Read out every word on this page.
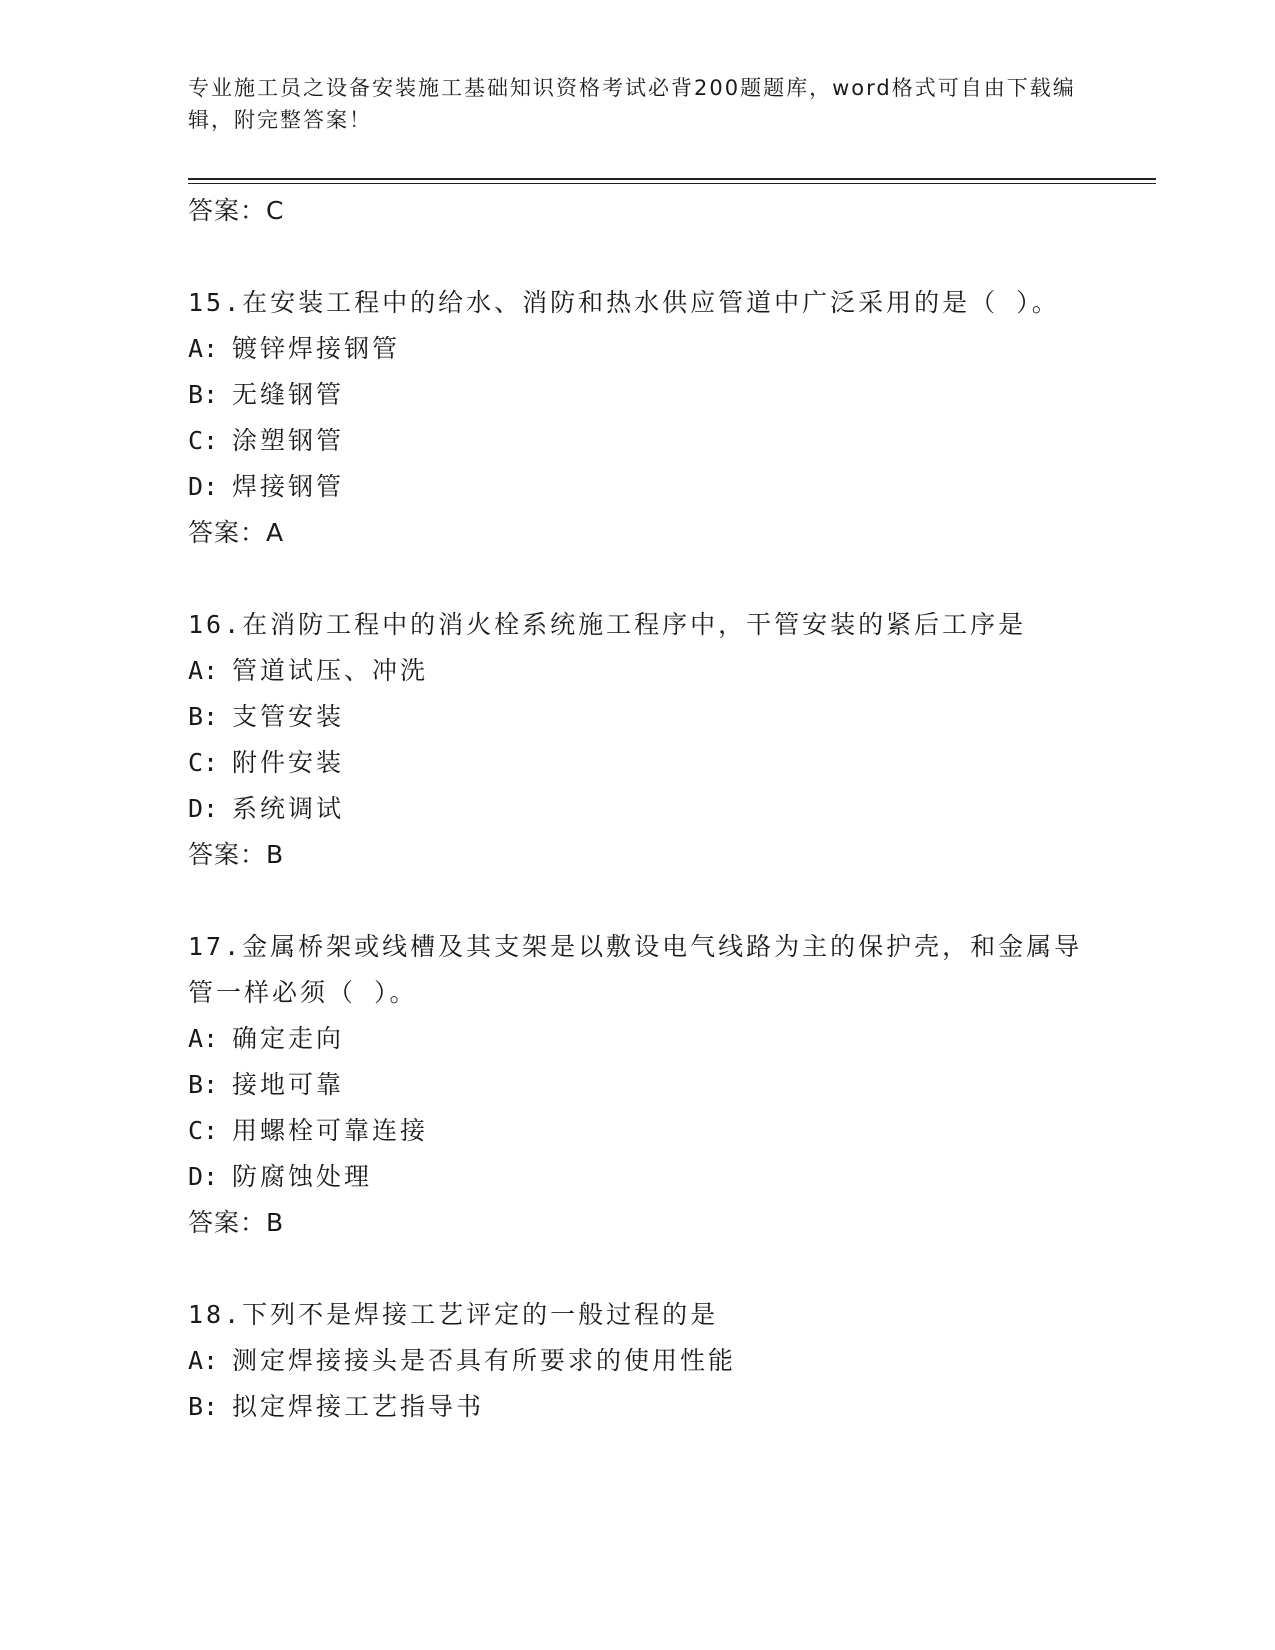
专业施工员之设备安装施工基础知识资格考试必背200题题库，word格式可自由下载编辑，附完整答案！
答案：C
15.在安装工程中的给水、消防和热水供应管道中广泛采用的是（ ）。
A: 镀锌焊接钢管
B: 无缝钢管
C: 涂塑钢管
D: 焊接钢管
答案：A
16.在消防工程中的消火栓系统施工程序中，干管安装的紧后工序是
A: 管道试压、冲洗
B: 支管安装
C: 附件安装
D: 系统调试
答案：B
17.金属桥架或线槽及其支架是以敷设电气线路为主的保护壳，和金属导管一样必须（ ）。
A: 确定走向
B: 接地可靠
C: 用螺栓可靠连接
D: 防腐蚀处理
答案：B
18.下列不是焊接工艺评定的一般过程的是
A: 测定焊接接头是否具有所要求的使用性能
B: 拟定焊接工艺指导书
